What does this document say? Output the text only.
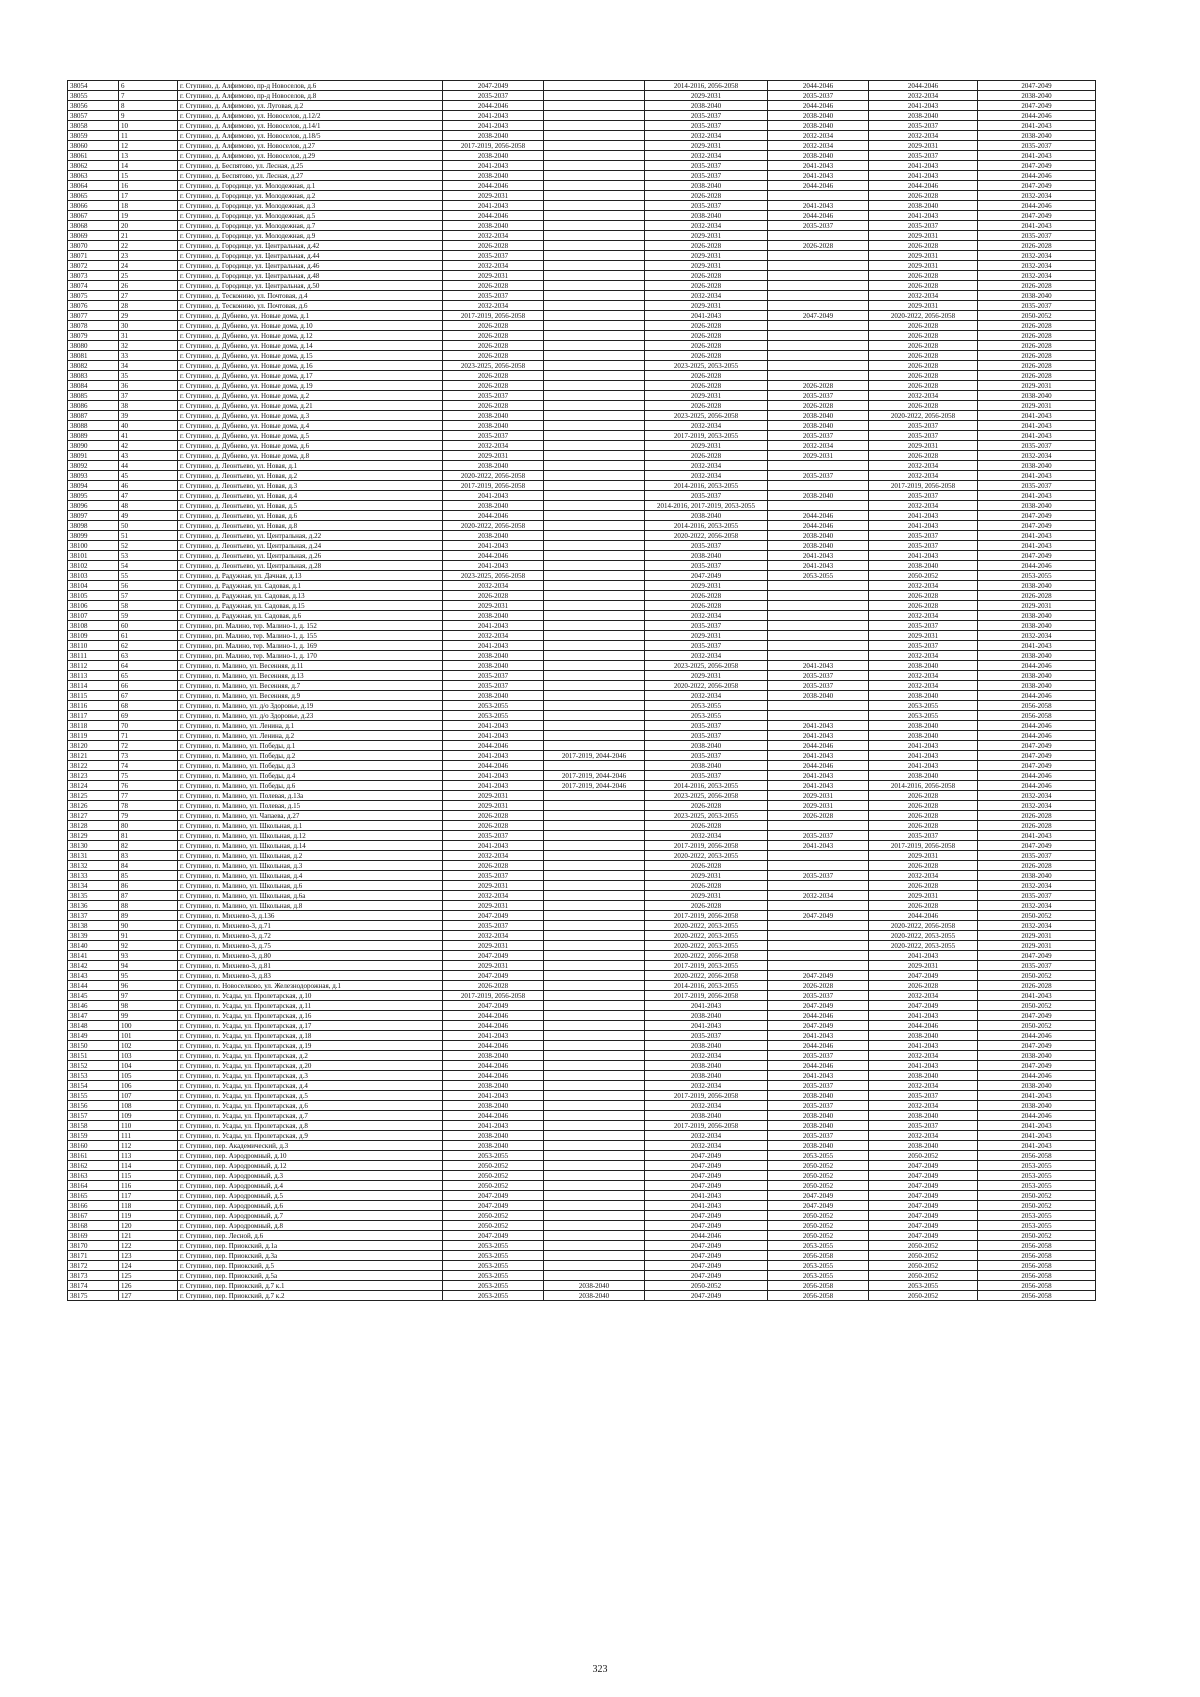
38054	6	г. Ступино, д. Алфимово, пр-д Новоселов, д.6	2047-2049		2014-2016, 2056-2058	2044-2046	2044-2046	2047-2049
38055	7	г. Ступино, д. Алфимово, пр-д Новоселов, д.8	2035-2037		2029-2031	2035-2037	2032-2034	2038-2040
38056	8	г. Ступино, д. Алфимово, ул. Луговая, д.2	2044-2046		2038-2040	2044-2046	2041-2043	2047-2049
38057	9	г. Ступино, д. Алфимово, ул. Новоселов, д.12/2	2041-2043		2035-2037	2038-2040	2038-2040	2044-2046
38058	10	г. Ступино, д. Алфимово, ул. Новоселов, д.14/1	2041-2043		2035-2037	2038-2040	2035-2037	2041-2043
38059	11	г. Ступино, д. Алфимово, ул. Новоселов, д.18/5	2038-2040		2032-2034	2032-2034	2032-2034	2038-2040
38060	12	г. Ступино, д. Алфимово, ул. Новоселов, д.27	2017-2019, 2056-2058		2029-2031	2032-2034	2029-2031	2035-2037
38061	13	г. Ступино, д. Алфимово, ул. Новоселов, д.29	2038-2040		2032-2034	2038-2040	2035-2037	2041-2043
38062	14	г. Ступино, д. Беспятово, ул. Лесная, д.25	2041-2043		2035-2037	2041-2043	2041-2043	2047-2049
38063	15	г. Ступино, д. Беспятово, ул. Лесная, д.27	2038-2040		2035-2037	2041-2043	2041-2043	2044-2046
38064	16	г. Ступино, д. Городище, ул. Молодежная, д.1	2044-2046		2038-2040	2044-2046	2044-2046	2047-2049
38065	17	г. Ступино, д. Городище, ул. Молодежная, д.2	2029-2031		2026-2028		2026-2028	2032-2034
38066	18	г. Ступино, д. Городище, ул. Молодежная, д.3	2041-2043		2035-2037	2041-2043	2038-2040	2044-2046
38067	19	г. Ступино, д. Городище, ул. Молодежная, д.5	2044-2046		2038-2040	2044-2046	2041-2043	2047-2049
38068	20	г. Ступино, д. Городище, ул. Молодежная, д.7	2038-2040		2032-2034	2035-2037	2035-2037	2041-2043
38069	21	г. Ступино, д. Городище, ул. Молодежная, д.9	2032-2034		2029-2031		2029-2031	2035-2037
38070	22	г. Ступино, д. Городище, ул. Центральная, д.42	2026-2028		2026-2028	2026-2028	2026-2028	2026-2028
38071	23	г. Ступино, д. Городище, ул. Центральная, д.44	2035-2037		2029-2031		2029-2031	2032-2034
38072	24	г. Ступино, д. Городище, ул. Центральная, д.46	2032-2034		2029-2031		2029-2031	2032-2034
38073	25	г. Ступино, д. Городище, ул. Центральная, д.48	2029-2031		2026-2028		2026-2028	2032-2034
38074	26	г. Ступино, д. Городище, ул. Центральная, д.50	2026-2028		2026-2028		2026-2028	2026-2028
38075	27	г. Ступино, д. Тесконино, ул. Почтовая, д.4	2035-2037		2032-2034		2032-2034	2038-2040
38076	28	г. Ступино, д. Тесконино, ул. Почтовая, д.6	2032-2034		2029-2031		2029-2031	2035-2037
38077	29	г. Ступино, д. Дубнево, ул. Новые дома, д.1	2017-2019, 2056-2058		2041-2043	2047-2049	2020-2022, 2056-2058	2050-2052
38078	30	г. Ступино, д. Дубнево, ул. Новые дома, д.10	2026-2028		2026-2028		2026-2028	2026-2028
38079	31	г. Ступино, д. Дубнево, ул. Новые дома, д.12	2026-2028		2026-2028		2026-2028	2026-2028
38080	32	г. Ступино, д. Дубнево, ул. Новые дома, д.14	2026-2028		2026-2028		2026-2028	2026-2028
38081	33	г. Ступино, д. Дубнево, ул. Новые дома, д.15	2026-2028		2026-2028		2026-2028	2026-2028
38082	34	г. Ступино, д. Дубнево, ул. Новые дома, д.16	2023-2025, 2056-2058		2023-2025, 2053-2055		2026-2028	2026-2028
38083	35	г. Ступино, д. Дубнево, ул. Новые дома, д.17	2026-2028		2026-2028		2026-2028	2026-2028
38084	36	г. Ступино, д. Дубнево, ул. Новые дома, д.19	2026-2028		2026-2028	2026-2028	2026-2028	2029-2031
38085	37	г. Ступино, д. Дубнево, ул. Новые дома, д.2	2035-2037		2029-2031	2035-2037	2032-2034	2038-2040
38086	38	г. Ступино, д. Дубнево, ул. Новые дома, д.21	2026-2028		2026-2028	2026-2028	2026-2028	2029-2031
38087	39	г. Ступино, д. Дубнево, ул. Новые дома, д.3	2038-2040		2023-2025, 2056-2058	2038-2040	2020-2022, 2056-2058	2041-2043
38088	40	г. Ступино, д. Дубнево, ул. Новые дома, д.4	2038-2040		2032-2034	2038-2040	2035-2037	2041-2043
38089	41	г. Ступино, д. Дубнево, ул. Новые дома, д.5	2035-2037		2017-2019, 2053-2055	2035-2037	2035-2037	2041-2043
38090	42	г. Ступино, д. Дубнево, ул. Новые дома, д.6	2032-2034		2029-2031	2032-2034	2029-2031	2035-2037
38091	43	г. Ступино, д. Дубнево, ул. Новые дома, д.8	2029-2031		2026-2028	2029-2031	2026-2028	2032-2034
38092	44	г. Ступино, д. Леонтьево, ул. Новая, д.1	2038-2040		2032-2034		2032-2034	2038-2040
38093	45	г. Ступино, д. Леонтьево, ул. Новая, д.2	2020-2022, 2056-2058		2032-2034	2035-2037	2032-2034	2041-2043
38094	46	г. Ступино, д. Леонтьево, ул. Новая, д.3	2017-2019, 2056-2058		2014-2016, 2053-2055		2017-2019, 2056-2058	2035-2037
38095	47	г. Ступино, д. Леонтьево, ул. Новая, д.4	2041-2043		2035-2037	2038-2040	2035-2037	2041-2043
38096	48	г. Ступино, д. Леонтьево, ул. Новая, д.5	2038-2040		2014-2016, 2017-2019, 2053-2055		2032-2034	2038-2040
38097	49	г. Ступино, д. Леонтьево, ул. Новая, д.6	2044-2046		2038-2040	2044-2046	2041-2043	2047-2049
38098	50	г. Ступино, д. Леонтьево, ул. Новая, д.8	2020-2022, 2056-2058		2014-2016, 2053-2055	2044-2046	2041-2043	2047-2049
38099	51	г. Ступино, д. Леонтьево, ул. Центральная, д.22	2038-2040		2020-2022, 2056-2058	2038-2040	2035-2037	2041-2043
38100	52	г. Ступино, д. Леонтьево, ул. Центральная, д.24	2041-2043		2035-2037	2038-2040	2035-2037	2041-2043
38101	53	г. Ступино, д. Леонтьево, ул. Центральная, д.26	2044-2046		2038-2040	2041-2043	2041-2043	2047-2049
38102	54	г. Ступино, д. Леонтьево, ул. Центральная, д.28	2041-2043		2035-2037	2041-2043	2038-2040	2044-2046
38103	55	г. Ступино, д. Радужная, ул. Дачная, д.13	2023-2025, 2056-2058		2047-2049	2053-2055	2050-2052	2053-2055
38104	56	г. Ступино, д. Радужная, ул. Садовая, д.1	2032-2034		2029-2031		2032-2034	2038-2040
38105	57	г. Ступино, д. Радужная, ул. Садовая, д.13	2026-2028		2026-2028		2026-2028	2026-2028
38106	58	г. Ступино, д. Радужная, ул. Садовая, д.15	2029-2031		2026-2028		2026-2028	2029-2031
38107	59	г. Ступино, д. Радужная, ул. Садовая, д.6	2038-2040		2032-2034		2032-2034	2038-2040
38108	60	г. Ступино, рп. Малино, тер. Малино-1, д. 152	2041-2043		2035-2037		2035-2037	2038-2040
38109	61	г. Ступино, рп. Малино, тер. Малино-1, д. 155	2032-2034		2029-2031		2029-2031	2032-2034
38110	62	г. Ступино, рп. Малино, тер. Малино-1, д. 169	2041-2043		2035-2037		2035-2037	2041-2043
38111	63	г. Ступино, рп. Малино, тер. Малино-1, д. 170	2038-2040		2032-2034		2032-2034	2038-2040
38112	64	г. Ступино, п. Малино, ул. Весенняя, д.11	2038-2040		2023-2025, 2056-2058	2041-2043	2038-2040	2044-2046
38113	65	г. Ступино, п. Малино, ул. Весенняя, д.13	2035-2037		2029-2031	2035-2037	2032-2034	2038-2040
38114	66	г. Ступино, п. Малино, ул. Весенняя, д.7	2035-2037		2020-2022, 2056-2058	2035-2037	2032-2034	2038-2040
38115	67	г. Ступино, п. Малино, ул. Весенняя, д.9	2038-2040		2032-2034	2038-2040	2038-2040	2044-2046
38116	68	г. Ступино, п. Малино, ул. д/о Здоровье, д.19	2053-2055		2053-2055		2053-2055	2056-2058
38117	69	г. Ступино, п. Малино, ул. д/о Здоровье, д.23	2053-2055		2053-2055		2053-2055	2056-2058
38118	70	г. Ступино, п. Малино, ул. Ленина, д.1	2041-2043		2035-2037	2041-2043	2038-2040	2044-2046
38119	71	г. Ступино, п. Малино, ул. Ленина, д.2	2041-2043		2035-2037	2041-2043	2038-2040	2044-2046
38120	72	г. Ступино, п. Малино, ул. Победы, д.1	2044-2046		2038-2040	2044-2046	2041-2043	2047-2049
38121	73	г. Ступино, п. Малино, ул. Победы, д.2	2041-2043	2017-2019, 2044-2046	2035-2037	2041-2043	2041-2043	2047-2049
38122	74	г. Ступино, п. Малино, ул. Победы, д.3	2044-2046		2038-2040	2044-2046	2041-2043	2047-2049
38123	75	г. Ступино, п. Малино, ул. Победы, д.4	2041-2043	2017-2019, 2044-2046	2035-2037	2041-2043	2038-2040	2044-2046
38124	76	г. Ступино, п. Малино, ул. Победы, д.6	2041-2043	2017-2019, 2044-2046	2014-2016, 2053-2055	2041-2043	2014-2016, 2056-2058	2044-2046
38125	77	г. Ступино, п. Малино, ул. Полевая, д.13а	2029-2031		2023-2025, 2056-2058	2029-2031	2026-2028	2032-2034
38126	78	г. Ступино, п. Малино, ул. Полевая, д.15	2029-2031		2026-2028	2029-2031	2026-2028	2032-2034
38127	79	г. Ступино, п. Малино, ул. Чапаева, д.27	2026-2028		2023-2025, 2053-2055	2026-2028	2026-2028	2026-2028
38128	80	г. Ступино, п. Малино, ул. Школьная, д.1	2026-2028		2026-2028		2026-2028	2026-2028
38129	81	г. Ступино, п. Малино, ул. Школьная, д.12	2035-2037		2032-2034	2035-2037	2035-2037	2041-2043
38130	82	г. Ступино, п. Малино, ул. Школьная, д.14	2041-2043		2017-2019, 2056-2058	2041-2043	2017-2019, 2056-2058	2047-2049
38131	83	г. Ступино, п. Малино, ул. Школьная, д.2	2032-2034		2020-2022, 2053-2055		2029-2031	2035-2037
38132	84	г. Ступино, п. Малино, ул. Школьная, д.3	2026-2028		2026-2028		2026-2028	2026-2028
38133	85	г. Ступино, п. Малино, ул. Школьная, д.4	2035-2037		2029-2031	2035-2037	2032-2034	2038-2040
38134	86	г. Ступино, п. Малино, ул. Школьная, д.6	2029-2031		2026-2028		2026-2028	2032-2034
38135	87	г. Ступино, п. Малино, ул. Школьная, д.6а	2032-2034		2029-2031	2032-2034	2029-2031	2035-2037
38136	88	г. Ступино, п. Малино, ул. Школьная, д.8	2029-2031		2026-2028		2026-2028	2032-2034
38137	89	г. Ступино, п. Михнево-3, д.136	2047-2049		2017-2019, 2056-2058	2047-2049	2044-2046	2050-2052
38138	90	г. Ступино, п. Михнево-3, д.71	2035-2037		2020-2022, 2053-2055		2020-2022, 2056-2058	2032-2034
38139	91	г. Ступино, п. Михнево-3, д.72	2032-2034		2020-2022, 2053-2055		2020-2022, 2053-2055	2029-2031
38140	92	г. Ступино, п. Михнево-3, д.75	2029-2031		2020-2022, 2053-2055		2020-2022, 2053-2055	2029-2031
38141	93	г. Ступино, п. Михнево-3, д.80	2047-2049		2020-2022, 2056-2058		2041-2043	2047-2049
38142	94	г. Ступино, п. Михнево-3, д.81	2029-2031		2017-2019, 2053-2055		2029-2031	2035-2037
38143	95	г. Ступино, п. Михнево-3, д.83	2047-2049		2020-2022, 2056-2058	2047-2049	2047-2049	2050-2052
38144	96	г. Ступино, п. Новоселково, ул. Железнодорожная, д.1	2026-2028		2014-2016, 2053-2055	2026-2028	2026-2028	2026-2028
38145	97	г. Ступино, п. Усады, ул. Пролетарская, д.10	2017-2019, 2056-2058		2017-2019, 2056-2058	2035-2037	2032-2034	2041-2043
38146	98	г. Ступино, п. Усады, ул. Пролетарская, д.11	2047-2049		2041-2043	2047-2049	2047-2049	2050-2052
38147	99	г. Ступино, п. Усады, ул. Пролетарская, д.16	2044-2046		2038-2040	2044-2046	2041-2043	2047-2049
38148	100	г. Ступино, п. Усады, ул. Пролетарская, д.17	2044-2046		2041-2043	2047-2049	2044-2046	2050-2052
38149	101	г. Ступино, п. Усады, ул. Пролетарская, д.18	2041-2043		2035-2037	2041-2043	2038-2040	2044-2046
38150	102	г. Ступино, п. Усады, ул. Пролетарская, д.19	2044-2046		2038-2040	2044-2046	2041-2043	2047-2049
38151	103	г. Ступино, п. Усады, ул. Пролетарская, д.2	2038-2040		2032-2034	2035-2037	2032-2034	2038-2040
38152	104	г. Ступино, п. Усады, ул. Пролетарская, д.20	2044-2046		2038-2040	2044-2046	2041-2043	2047-2049
38153	105	г. Ступино, п. Усады, ул. Пролетарская, д.3	2044-2046		2038-2040	2041-2043	2038-2040	2044-2046
38154	106	г. Ступино, п. Усады, ул. Пролетарская, д.4	2038-2040		2032-2034	2035-2037	2032-2034	2038-2040
38155	107	г. Ступино, п. Усады, ул. Пролетарская, д.5	2041-2043		2017-2019, 2056-2058	2038-2040	2035-2037	2041-2043
38156	108	г. Ступино, п. Усады, ул. Пролетарская, д.6	2038-2040		2032-2034	2035-2037	2032-2034	2038-2040
38157	109	г. Ступино, п. Усады, ул. Пролетарская, д.7	2044-2046		2038-2040	2038-2040	2038-2040	2044-2046
38158	110	г. Ступино, п. Усады, ул. Пролетарская, д.8	2041-2043		2017-2019, 2056-2058	2038-2040	2035-2037	2041-2043
38159	111	г. Ступино, п. Усады, ул. Пролетарская, д.9	2038-2040		2032-2034	2035-2037	2032-2034	2041-2043
38160	112	г. Ступино, пер. Академический, д.3	2038-2040		2032-2034	2038-2040	2038-2040	2041-2043
38161	113	г. Ступино, пер. Аэродромный, д.10	2053-2055		2047-2049	2053-2055	2050-2052	2056-2058
38162	114	г. Ступино, пер. Аэродромный, д.12	2050-2052		2047-2049	2050-2052	2047-2049	2053-2055
38163	115	г. Ступино, пер. Аэродромный, д.3	2050-2052		2047-2049	2050-2052	2047-2049	2053-2055
38164	116	г. Ступино, пер. Аэродромный, д.4	2050-2052		2047-2049	2050-2052	2047-2049	2053-2055
38165	117	г. Ступино, пер. Аэродромный, д.5	2047-2049		2041-2043	2047-2049	2047-2049	2050-2052
38166	118	г. Ступино, пер. Аэродромный, д.6	2047-2049		2041-2043	2047-2049	2047-2049	2050-2052
38167	119	г. Ступино, пер. Аэродромный, д.7	2050-2052		2047-2049	2050-2052	2047-2049	2053-2055
38168	120	г. Ступино, пер. Аэродромный, д.8	2050-2052		2047-2049	2050-2052	2047-2049	2053-2055
38169	121	г. Ступино, пер. Лесной, д.6	2047-2049		2044-2046	2050-2052	2047-2049	2050-2052
38170	122	г. Ступино, пер. Приокский, д.1а	2053-2055		2047-2049	2053-2055	2050-2052	2056-2058
38171	123	г. Ступино, пер. Приокский, д.3а	2053-2055		2047-2049	2056-2058	2050-2052	2056-2058
38172	124	г. Ступино, пер. Приокский, д.5	2053-2055		2047-2049	2053-2055	2050-2052	2056-2058
38173	125	г. Ступино, пер. Приокский, д.5а	2053-2055		2047-2049	2053-2055	2050-2052	2056-2058
38174	126	г. Ступино, пер. Приокский, д.7 к.1	2053-2055	2038-2040	2050-2052	2056-2058	2053-2055	2056-2058
38175	127	г. Ступино, пер. Приокский, д.7 к.2	2053-2055	2038-2040	2047-2049	2056-2058	2050-2052	2056-2058
323
